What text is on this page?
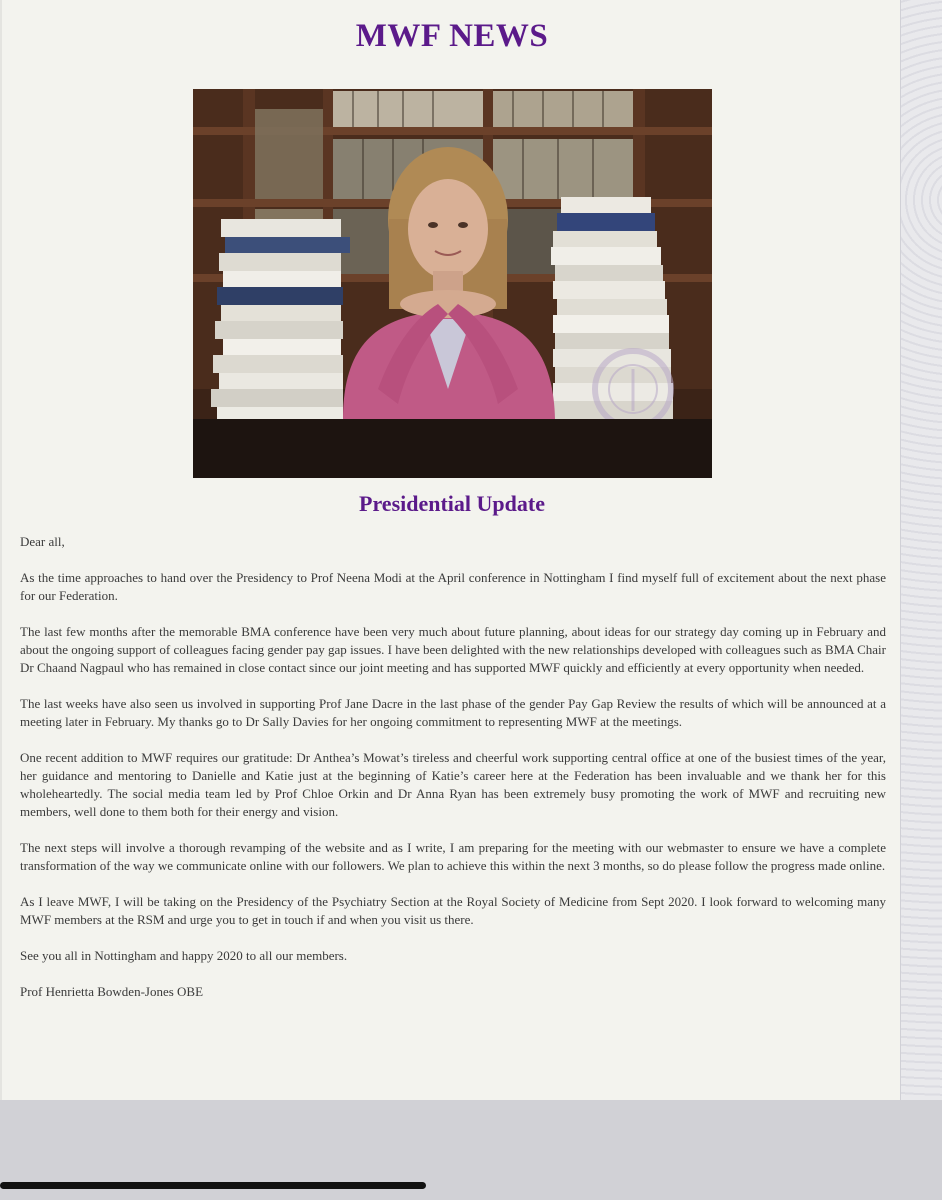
MWF NEWS
Presidential Update

Dear all,

As the time approaches to hand over the Presidency to Prof Neena Modi at the April conference in Nottingham I find myself full of excitement about the next phase for our Federation.

The last few months after the memorable BMA conference have been very much about future planning, about ideas for our strategy day coming up in February and about the ongoing support of colleagues facing gender pay gap issues. I have been delighted with the new relationships developed with colleagues such as BMA Chair Dr Chaand Nagpaul who has remained in close contact since our joint meeting and has supported MWF quickly and efficiently at every opportunity when needed.

The last weeks have also seen us involved in supporting Prof Jane Dacre in the last phase of the gender Pay Gap Review the results of which will be announced at a meeting later in February. My thanks go to Dr Sally Davies for her ongoing commitment to representing MWF at the meetings.

One recent addition to MWF requires our gratitude: Dr Anthea’s Mowat’s tireless and cheerful work supporting central office at one of the busiest times of the year, her guidance and mentoring to Danielle and Katie just at the beginning of Katie’s career here at the Federation has been invaluable and we thank her for this wholeheartedly. The social media team led by Prof Chloe Orkin and Dr Anna Ryan has been extremely busy promoting the work of MWF and recruiting new members, well done to them both for their energy and vision.

The next steps will involve a thorough revamping of the website and as I write, I am preparing for the meeting with our webmaster to ensure we have a complete transformation of the way we communicate online with our followers. We plan to achieve this within the next 3 months, so do please follow the progress made online.

As I leave MWF, I will be taking on the Presidency of the Psychiatry Section at the Royal Society of Medicine from Sept 2020. I look forward to welcoming many MWF members at the RSM and urge you to get in touch if and when you visit us there.

See you all in Nottingham and happy 2020 to all our members.

Prof Henrietta Bowden-Jones OBE
